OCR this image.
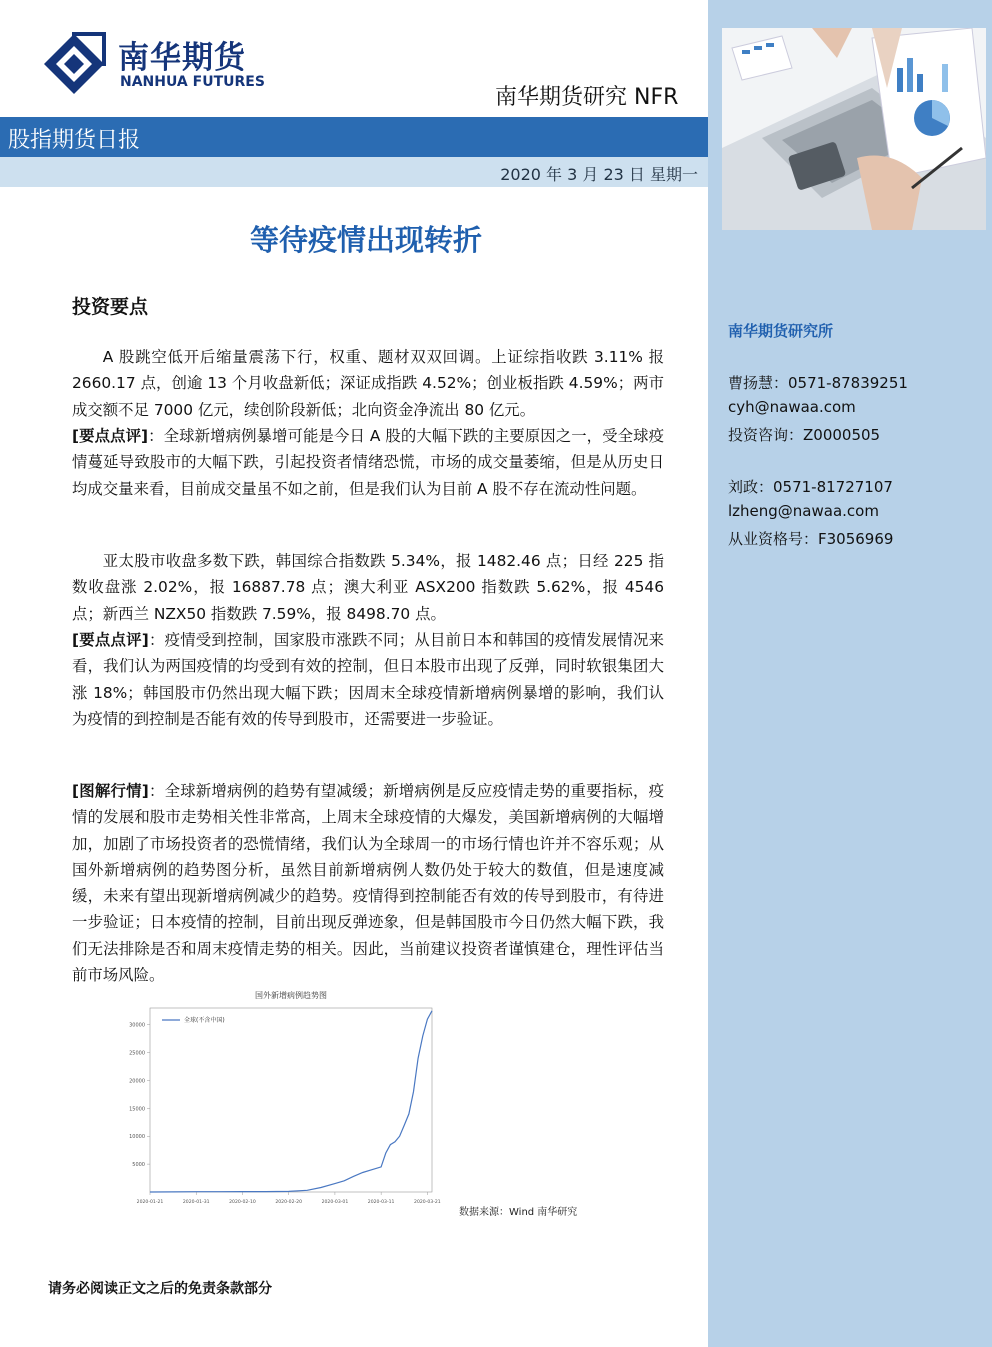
南华期货
NANHUA FUTURES
南华期货研究 NFR
股指期货日报
2020 年 3 月 23 日 星期一
等待疫情出现转折
投资要点

A 股跳空低开后缩量震荡下行，权重、题材双双回调。上证综指收跌 3.11% 报 2660.17 点，创逾 13 个月收盘新低；深证成指跌 4.52%；创业板指跌 4.59%；两市成交额不足 7000 亿元，续创阶段新低；北向资金净流出 80 亿元。

[要点点评]：全球新增病例暴增可能是今日 A 股的大幅下跌的主要原因之一，受全球疫情蔓延导致股市的大幅下跌，引起投资者情绪恐慌，市场的成交量萎缩，但是从历史日均成交量来看，目前成交量虽不如之前，但是我们认为目前 A 股不存在流动性问题。

亚太股市收盘多数下跌，韩国综合指数跌 5.34%，报 1482.46 点；日经 225 指数收盘涨 2.02%，报 16887.78 点；澳大利亚 ASX200 指数跌 5.62%，报 4546 点；新西兰 NZX50 指数跌 7.59%，报 8498.70 点。

[要点点评]：疫情受到控制，国家股市涨跌不同；从目前日本和韩国的疫情发展情况来看，我们认为两国疫情的均受到有效的控制，但日本股市出现了反弹，同时软银集团大涨 18%；韩国股市仍然出现大幅下跌；因周末全球疫情新增病例暴增的影响，我们认为疫情的到控制是否能有效的传导到股市，还需要进一步验证。

[图解行情]：全球新增病例的趋势有望减缓；新增病例是反应疫情走势的重要指标，疫情的发展和股市走势相关性非常高，上周末全球疫情的大爆发，美国新增病例的大幅增加，加剧了市场投资者的恐慌情绪，我们认为全球周一的市场行情也许并不容乐观；从国外新增病例的趋势图分析，虽然目前新增病例人数仍处于较大的数值，但是速度减缓，未来有望出现新增病例减少的趋势。疫情得到控制能否有效的传导到股市，有待进一步验证；日本疫情的控制，目前出现反弹迹象，但是韩国股市今日仍然大幅下跌，我们无法排除是否和周末疫情走势的相关。因此，当前建议投资者谨慎建仓，理性评估当前市场风险。

国外新增病例趋势图
5000
10000
15000
20000
25000
30000
2020-01-21	2020-01-31	2020-02-10	2020-02-20	2020-03-01	2020-03-11	2020-03-21
全球(不含中国)
数据来源：Wind 南华研究
请务必阅读正文之后的免责条款部分
南华期货研究所
曹扬慧：0571-87839251
cyh@nawaa.com
投资咨询：Z0000505
刘政：0571-81727107
lzheng@nawaa.com
从业资格号：F3056969
